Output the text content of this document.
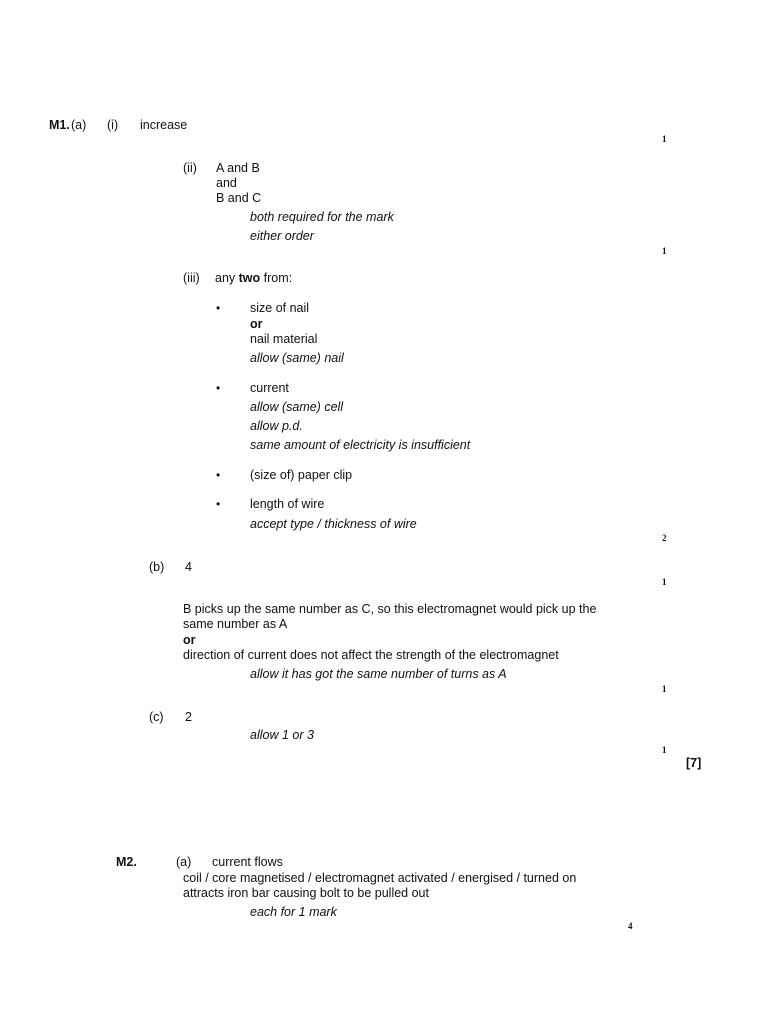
M1. (a) (i) increase
1
(ii) A and B
and
B and C
both required for the mark
either order
1
(iii) any two from:
• size of nail
or
nail material
allow (same) nail
• current
allow (same) cell
allow p.d.
same amount of electricity is insufficient
• (size of) paper clip
• length of wire
accept type / thickness of wire
2
(b) 4
1
B picks up the same number as C, so this electromagnet would pick up the
same number as A
or
direction of current does not affect the strength of the electromagnet
allow it has got the same number of turns as A
1
(c) 2
allow 1 or 3
1
[7]
M2.	(a) current flows
coil / core magnetised / electromagnet activated / energised / turned on
attracts iron bar causing bolt to be pulled out
each for 1 mark
4
